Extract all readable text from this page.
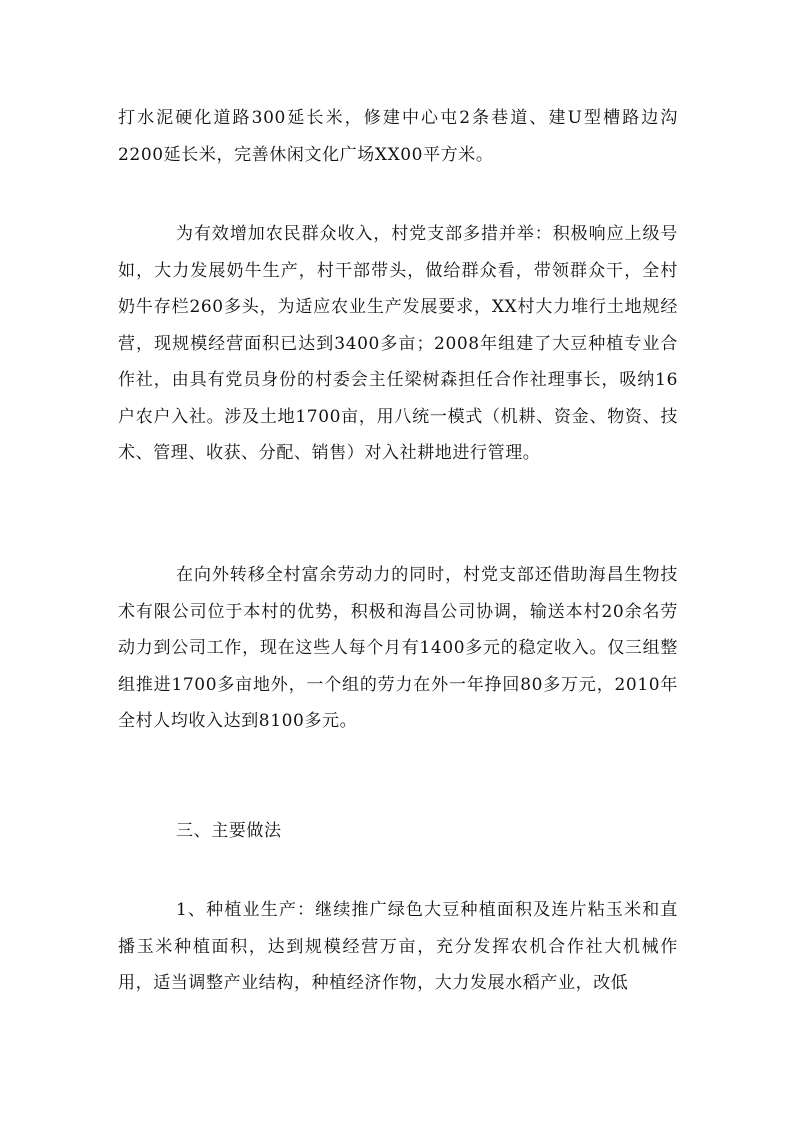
打水泥硬化道路300延长米，修建中心屯2条巷道、建U型槽路边沟2200延长米，完善休闲文化广场XX00平方米。

为有效增加农民群众收入，村党支部多措并举：积极响应上级号如，大力发展奶牛生产，村干部带头，做给群众看，带领群众干，全村奶牛存栏260多头，为适应农业生产发展要求，XX村大力堆行土地规经营，现规模经营面积已达到3400多亩；2008年组建了大豆种植专业合作社，由具有党员身份的村委会主任梁树森担任合作社理事长，吸纳16户农户入社。涉及土地1700亩，用八统一模式（机耕、资金、物资、技术、管理、收获、分配、销售）对入社耕地进行管理。

在向外转移全村富余劳动力的同时，村党支部还借助海昌生物技术有限公司位于本村的优势，积极和海昌公司协调，输送本村20余名劳动力到公司工作，现在这些人每个月有1400多元的稳定收入。仅三组整组推进1700多亩地外，一个组的劳力在外一年挣回80多万元，2010年全村人均收入达到8100多元。

三、主要做法

1、种植业生产：继续推广绿色大豆种植面积及连片粘玉米和直播玉米种植面积，达到规模经营万亩，充分发挥农机合作社大机械作用，适当调整产业结构，种植经济作物，大力发展水稻产业，改低
